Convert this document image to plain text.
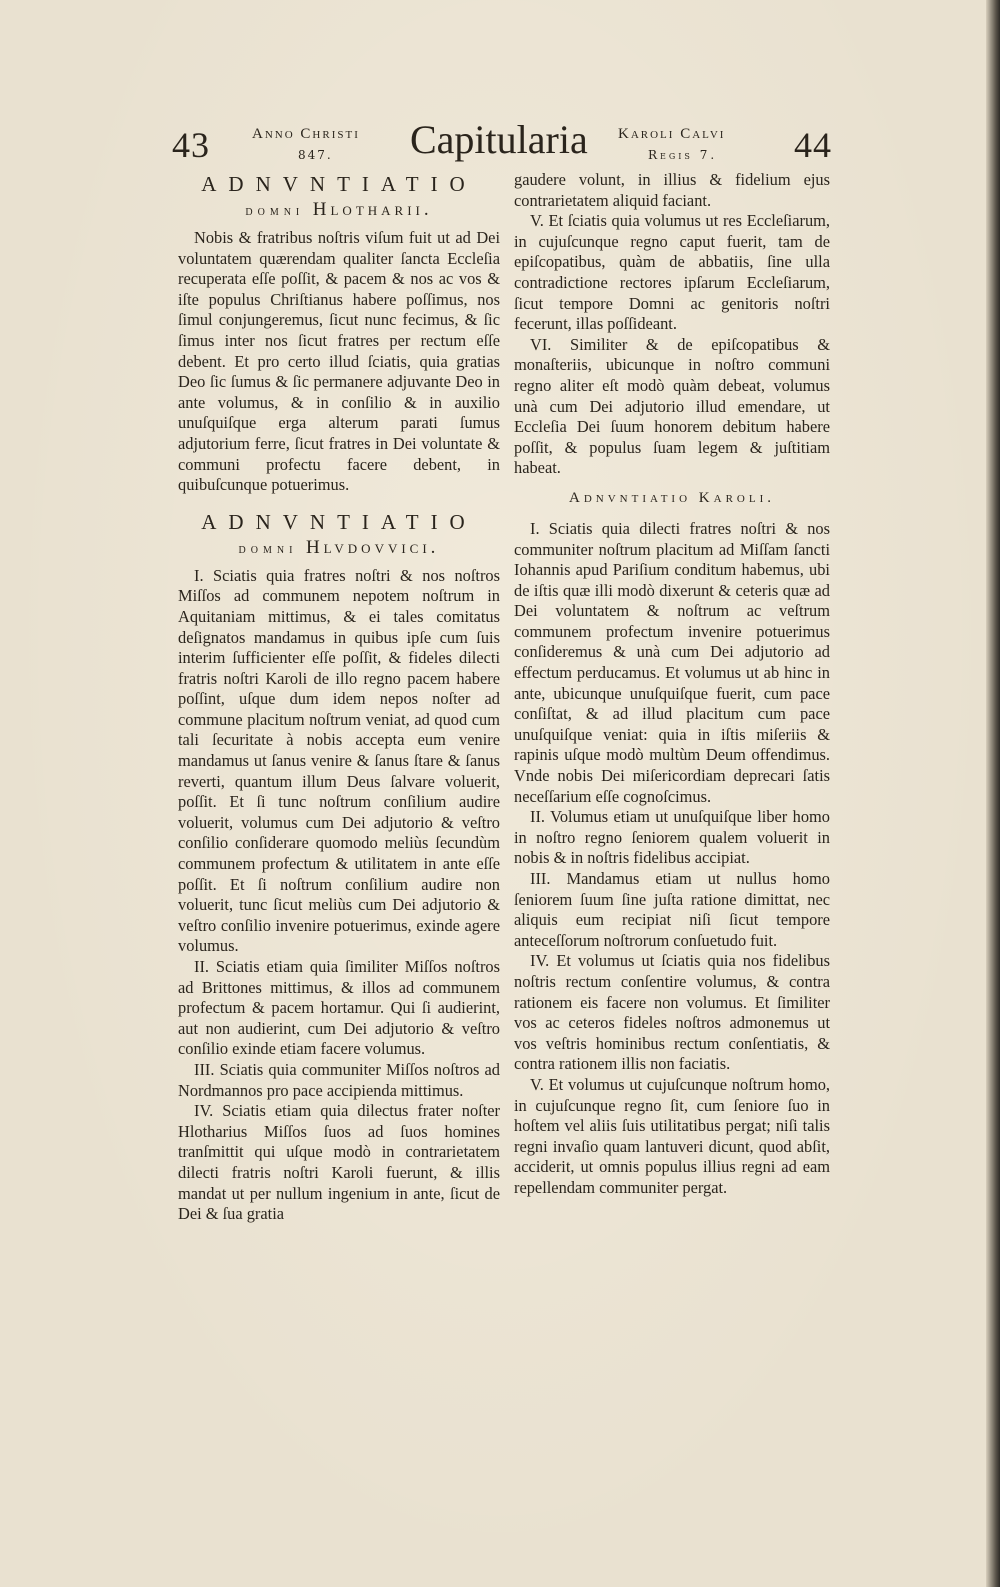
43	Anno Christi
847. Capitularia Karoli Calvi
Regis 7. 44
ADNVNTIATIO
domni Hlotharii.

Nobis & fratribus noſtris viſum fuit ut ad Dei voluntatem quærendam qualiter ſancta Eccleſia recuperata eſſe poſſit, & pacem & nos ac vos & iſte populus Chriſtianus habere poſſimus, nos ſimul conjungeremus, ſicut nunc fecimus, & ſic ſimus inter nos ſicut fratres per rectum eſſe debent. Et pro certo illud ſciatis, quia gratias Deo ſic ſumus & ſic permanere adjuvante Deo in ante volumus, & in conſilio & in auxilio unuſquiſque erga alterum parati ſumus adjutorium ferre, ſicut fratres in Dei voluntate & communi profectu facere debent, in quibuſcunque potuerimus.

ADNVNTIATIO
domni Hlvdovvici.

I. Sciatis quia fratres noſtri & nos noſtros Miſſos ad communem nepotem noſtrum in Aquitaniam mittimus, & ei tales comitatus deſignatos mandamus in quibus ipſe cum ſuis interim ſufficienter eſſe poſſit, & fideles dilecti fratris noſtri Karoli de illo regno pacem habere poſſint, uſque dum idem nepos noſter ad commune placitum noſtrum veniat, ad quod cum tali ſecuritate à nobis accepta eum venire mandamus ut ſanus venire & ſanus ſtare & ſanus reverti, quantum illum Deus ſalvare voluerit, poſſit. Et ſi tunc noſtrum conſilium audire voluerit, volumus cum Dei adjutorio & veſtro conſilio conſiderare quomodo meliùs ſecundùm communem profectum & utilitatem in ante eſſe poſſit. Et ſi noſtrum conſilium audire non voluerit, tunc ſicut meliùs cum Dei adjutorio & veſtro conſilio invenire potuerimus, exinde agere volumus.

II. Sciatis etiam quia ſimiliter Miſſos noſtros ad Brittones mittimus, & illos ad communem profectum & pacem hortamur. Qui ſi audierint, aut non audierint, cum Dei adjutorio & veſtro conſilio exinde etiam facere volumus.

III. Sciatis quia communiter Miſſos noſtros ad Nordmannos pro pace accipienda mittimus.

IV. Sciatis etiam quia dilectus frater noſter Hlotharius Miſſos ſuos ad ſuos homines tranſmittit qui uſque modò in contrarietatem dilecti fratris noſtri Karoli fuerunt, & illis mandat ut per nullum ingenium in ante, ſicut de Dei & ſua gratia

gaudere volunt, in illius & fidelium ejus contrarietatem aliquid faciant.

V. Et ſciatis quia volumus ut res Eccleſiarum, in cujuſcunque regno caput fuerit, tam de epiſcopatibus, quàm de abbatiis, ſine ulla contradictione rectores ipſarum Eccleſiarum, ſicut tempore Domni ac genitoris noſtri fecerunt, illas poſſideant.

VI. Similiter & de epiſcopatibus & monaſteriis, ubicunque in noſtro communi regno aliter eſt modò quàm debeat, volumus unà cum Dei adjutorio illud emendare, ut Eccleſia Dei ſuum honorem debitum habere poſſit, & populus ſuam legem & juſtitiam habeat.

Adnvntiatio Karoli.

I. Sciatis quia dilecti fratres noſtri & nos communiter noſtrum placitum ad Miſſam ſancti Iohannis apud Pariſium conditum habemus, ubi de iſtis quæ illi modò dixerunt & ceteris quæ ad Dei voluntatem & noſtrum ac veſtrum communem profectum invenire potuerimus conſideremus & unà cum Dei adjutorio ad effectum perducamus. Et volumus ut ab hinc in ante, ubicunque unuſquiſque fuerit, cum pace conſiſtat, & ad illud placitum cum pace unuſquiſque veniat: quia in iſtis miſeriis & rapinis uſque modò multùm Deum offendimus. Vnde nobis Dei miſericordiam deprecari ſatis neceſſarium eſſe cognoſcimus.

II. Volumus etiam ut unuſquiſque liber homo in noſtro regno ſeniorem qualem voluerit in nobis & in noſtris fidelibus accipiat.

III. Mandamus etiam ut nullus homo ſeniorem ſuum ſine juſta ratione dimittat, nec aliquis eum recipiat niſi ſicut tempore anteceſſorum noſtrorum conſuetudo fuit.

IV. Et volumus ut ſciatis quia nos fidelibus noſtris rectum conſentire volumus, & contra rationem eis facere non volumus. Et ſimiliter vos ac ceteros fideles noſtros admonemus ut vos veſtris hominibus rectum conſentiatis, & contra rationem illis non faciatis.

V. Et volumus ut cujuſcunque noſtrum homo, in cujuſcunque regno ſit, cum ſeniore ſuo in hoſtem vel aliis ſuis utilitatibus pergat; niſi talis regni invaſio quam lantuveri dicunt, quod abſit, acciderit, ut omnis populus illius regni ad eam repellendam communiter pergat.
